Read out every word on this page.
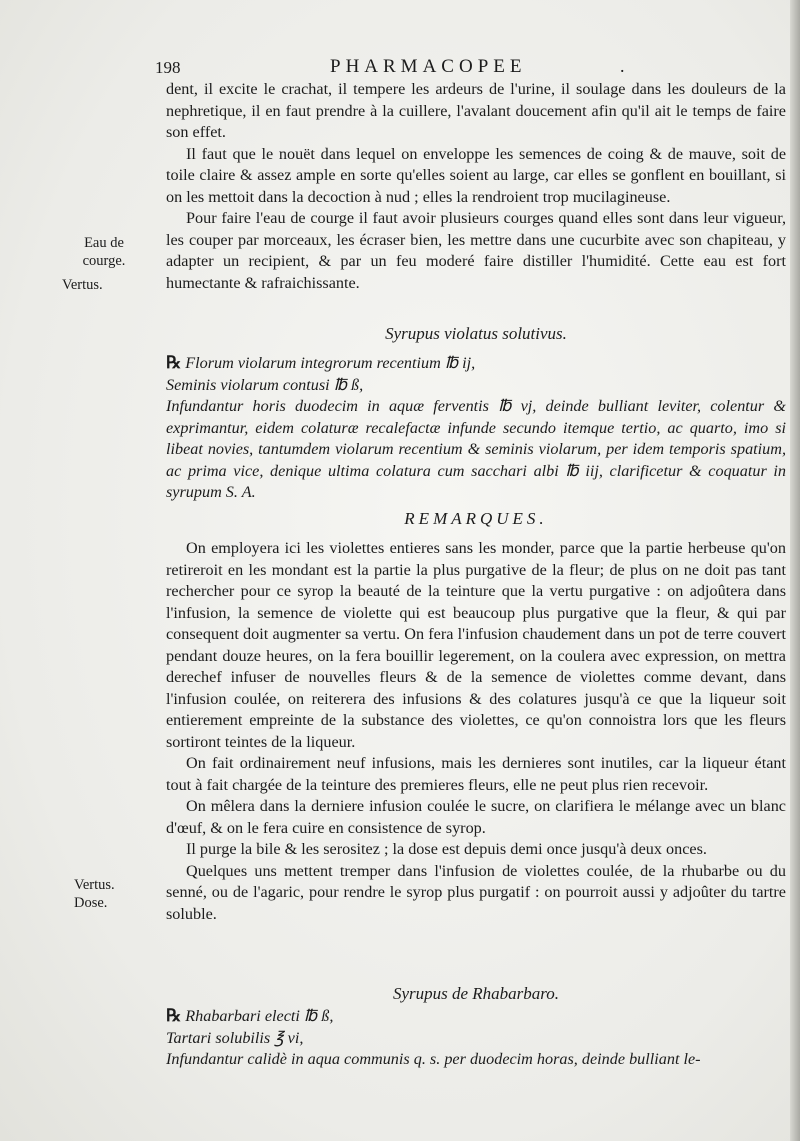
198	PHARMACOPEE	.
Eau de courge.
Vertus.
Vertus. Dose.

dent, il excite le crachat, il tempere les ardeurs de l'urine, il soulage dans les douleurs de la nephretique, il en faut prendre à la cuillere, l'avalant doucement afin qu'il ait le temps de faire son effet.

Il faut que le nouët dans lequel on enveloppe les semences de coing & de mauve, soit de toile claire & assez ample en sorte qu'elles soient au large, car elles se gonflent en bouillant, si on les mettoit dans la decoction à nud ; elles la rendroient trop mucilagineuse.

Pour faire l'eau de courge il faut avoir plusieurs courges quand elles sont dans leur vigueur, les couper par morceaux, les écraser bien, les mettre dans une cucurbite avec son chapiteau, y adapter un recipient, & par un feu moderé faire distiller l'humidité. Cette eau est fort humectante & rafraichissante.

Syrupus violatus solutivus.

℞ Florum violarum integrorum recentium ℔ ij,

Seminis violarum contusi ℔ ß,

Infundantur horis duodecim in aquæ ferventis ℔ vj, deinde bulliant leviter, colentur & exprimantur, eidem colaturæ recalefactæ infunde secundo itemque tertio, ac quarto, imo si libeat novies, tantumdem violarum recentium & seminis violarum, per idem temporis spatium, ac prima vice, denique ultima colatura cum sacchari albi ℔ iij, clarificetur & coquatur in syrupum S. A.

REMARQUES.

On employera ici les violettes entieres sans les monder, parce que la partie herbeuse qu'on retireroit en les mondant est la partie la plus purgative de la fleur; de plus on ne doit pas tant rechercher pour ce syrop la beauté de la teinture que la vertu purgative : on adjoûtera dans l'infusion, la semence de violette qui est beaucoup plus purgative que la fleur, & qui par consequent doit augmenter sa vertu. On fera l'infusion chaudement dans un pot de terre couvert pendant douze heures, on la fera bouillir legerement, on la coulera avec expression, on mettra derechef infuser de nouvelles fleurs & de la semence de violettes comme devant, dans l'infusion coulée, on reiterera des infusions & des colatures jusqu'à ce que la liqueur soit entierement empreinte de la substance des violettes, ce qu'on connoistra lors que les fleurs sortiront teintes de la liqueur.

On fait ordinairement neuf infusions, mais les dernieres sont inutiles, car la liqueur étant tout à fait chargée de la teinture des premieres fleurs, elle ne peut plus rien recevoir.

On mêlera dans la derniere infusion coulée le sucre, on clarifiera le mélange avec un blanc d'œuf, & on le fera cuire en consistence de syrop.

Il purge la bile & les serositez ; la dose est depuis demi once jusqu'à deux onces.

Quelques uns mettent tremper dans l'infusion de violettes coulée, de la rhubarbe ou du senné, ou de l'agaric, pour rendre le syrop plus purgatif : on pourroit aussi y adjoûter du tartre soluble.

Syrupus de Rhabarbaro.

℞ Rhabarbari electi ℔ ß,

Tartari solubilis ℥ vi,

Infundantur calidè in aqua communis q. s. per duodecim horas, deinde bulliant le-
